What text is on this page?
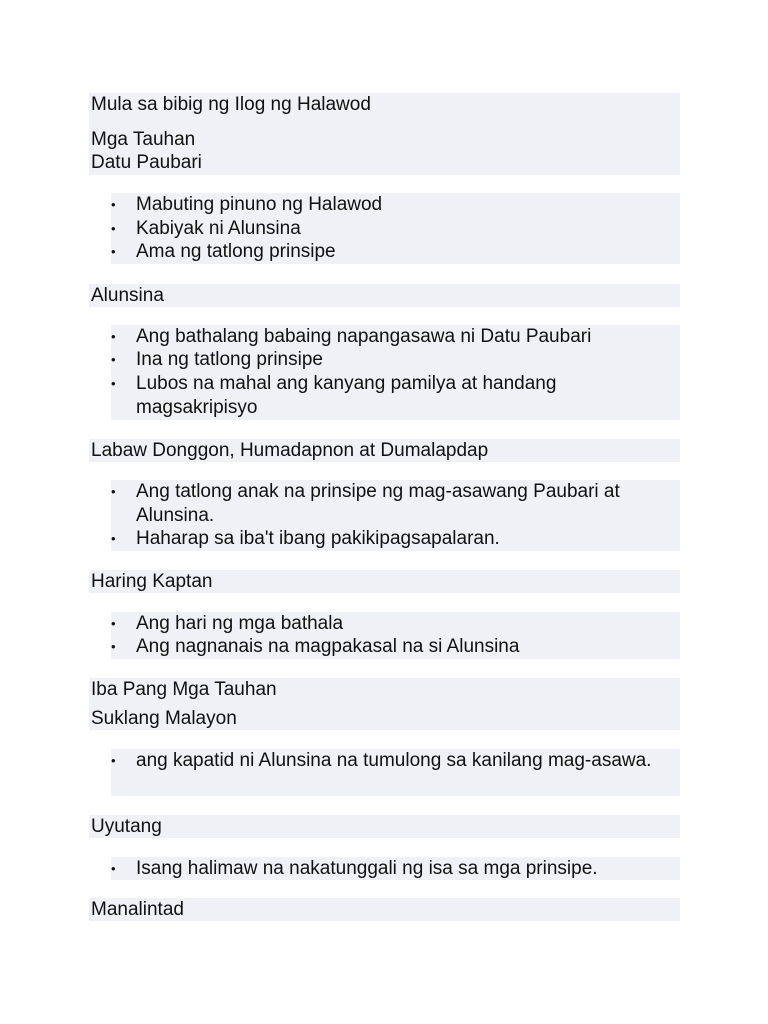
Mula sa bibig ng Ilog ng Halawod
Mga Tauhan
Datu Paubari
• Mabuting pinuno ng Halawod
• Kabiyak ni Alunsina
• Ama ng tatlong prinsipe
Alunsina
• Ang bathalang babaing napangasawa ni Datu Paubari
• Ina ng tatlong prinsipe
• Lubos na mahal ang kanyang pamilya at handang magsakripisyo
Labaw Donggon, Humadapnon at Dumalapdap
• Ang tatlong anak na prinsipe ng mag-asawang Paubari at Alunsina.
• Haharap sa iba't ibang pakikipagsapalaran.
Haring Kaptan
• Ang hari ng mga bathala
• Ang nagnanais na magpakasal na si Alunsina
Iba Pang Mga Tauhan
Suklang Malayon
• ang kapatid ni Alunsina na tumulong sa kanilang mag-asawa.
Uyutang
• Isang halimaw na nakatunggali ng isa sa mga prinsipe.
Manalintad
